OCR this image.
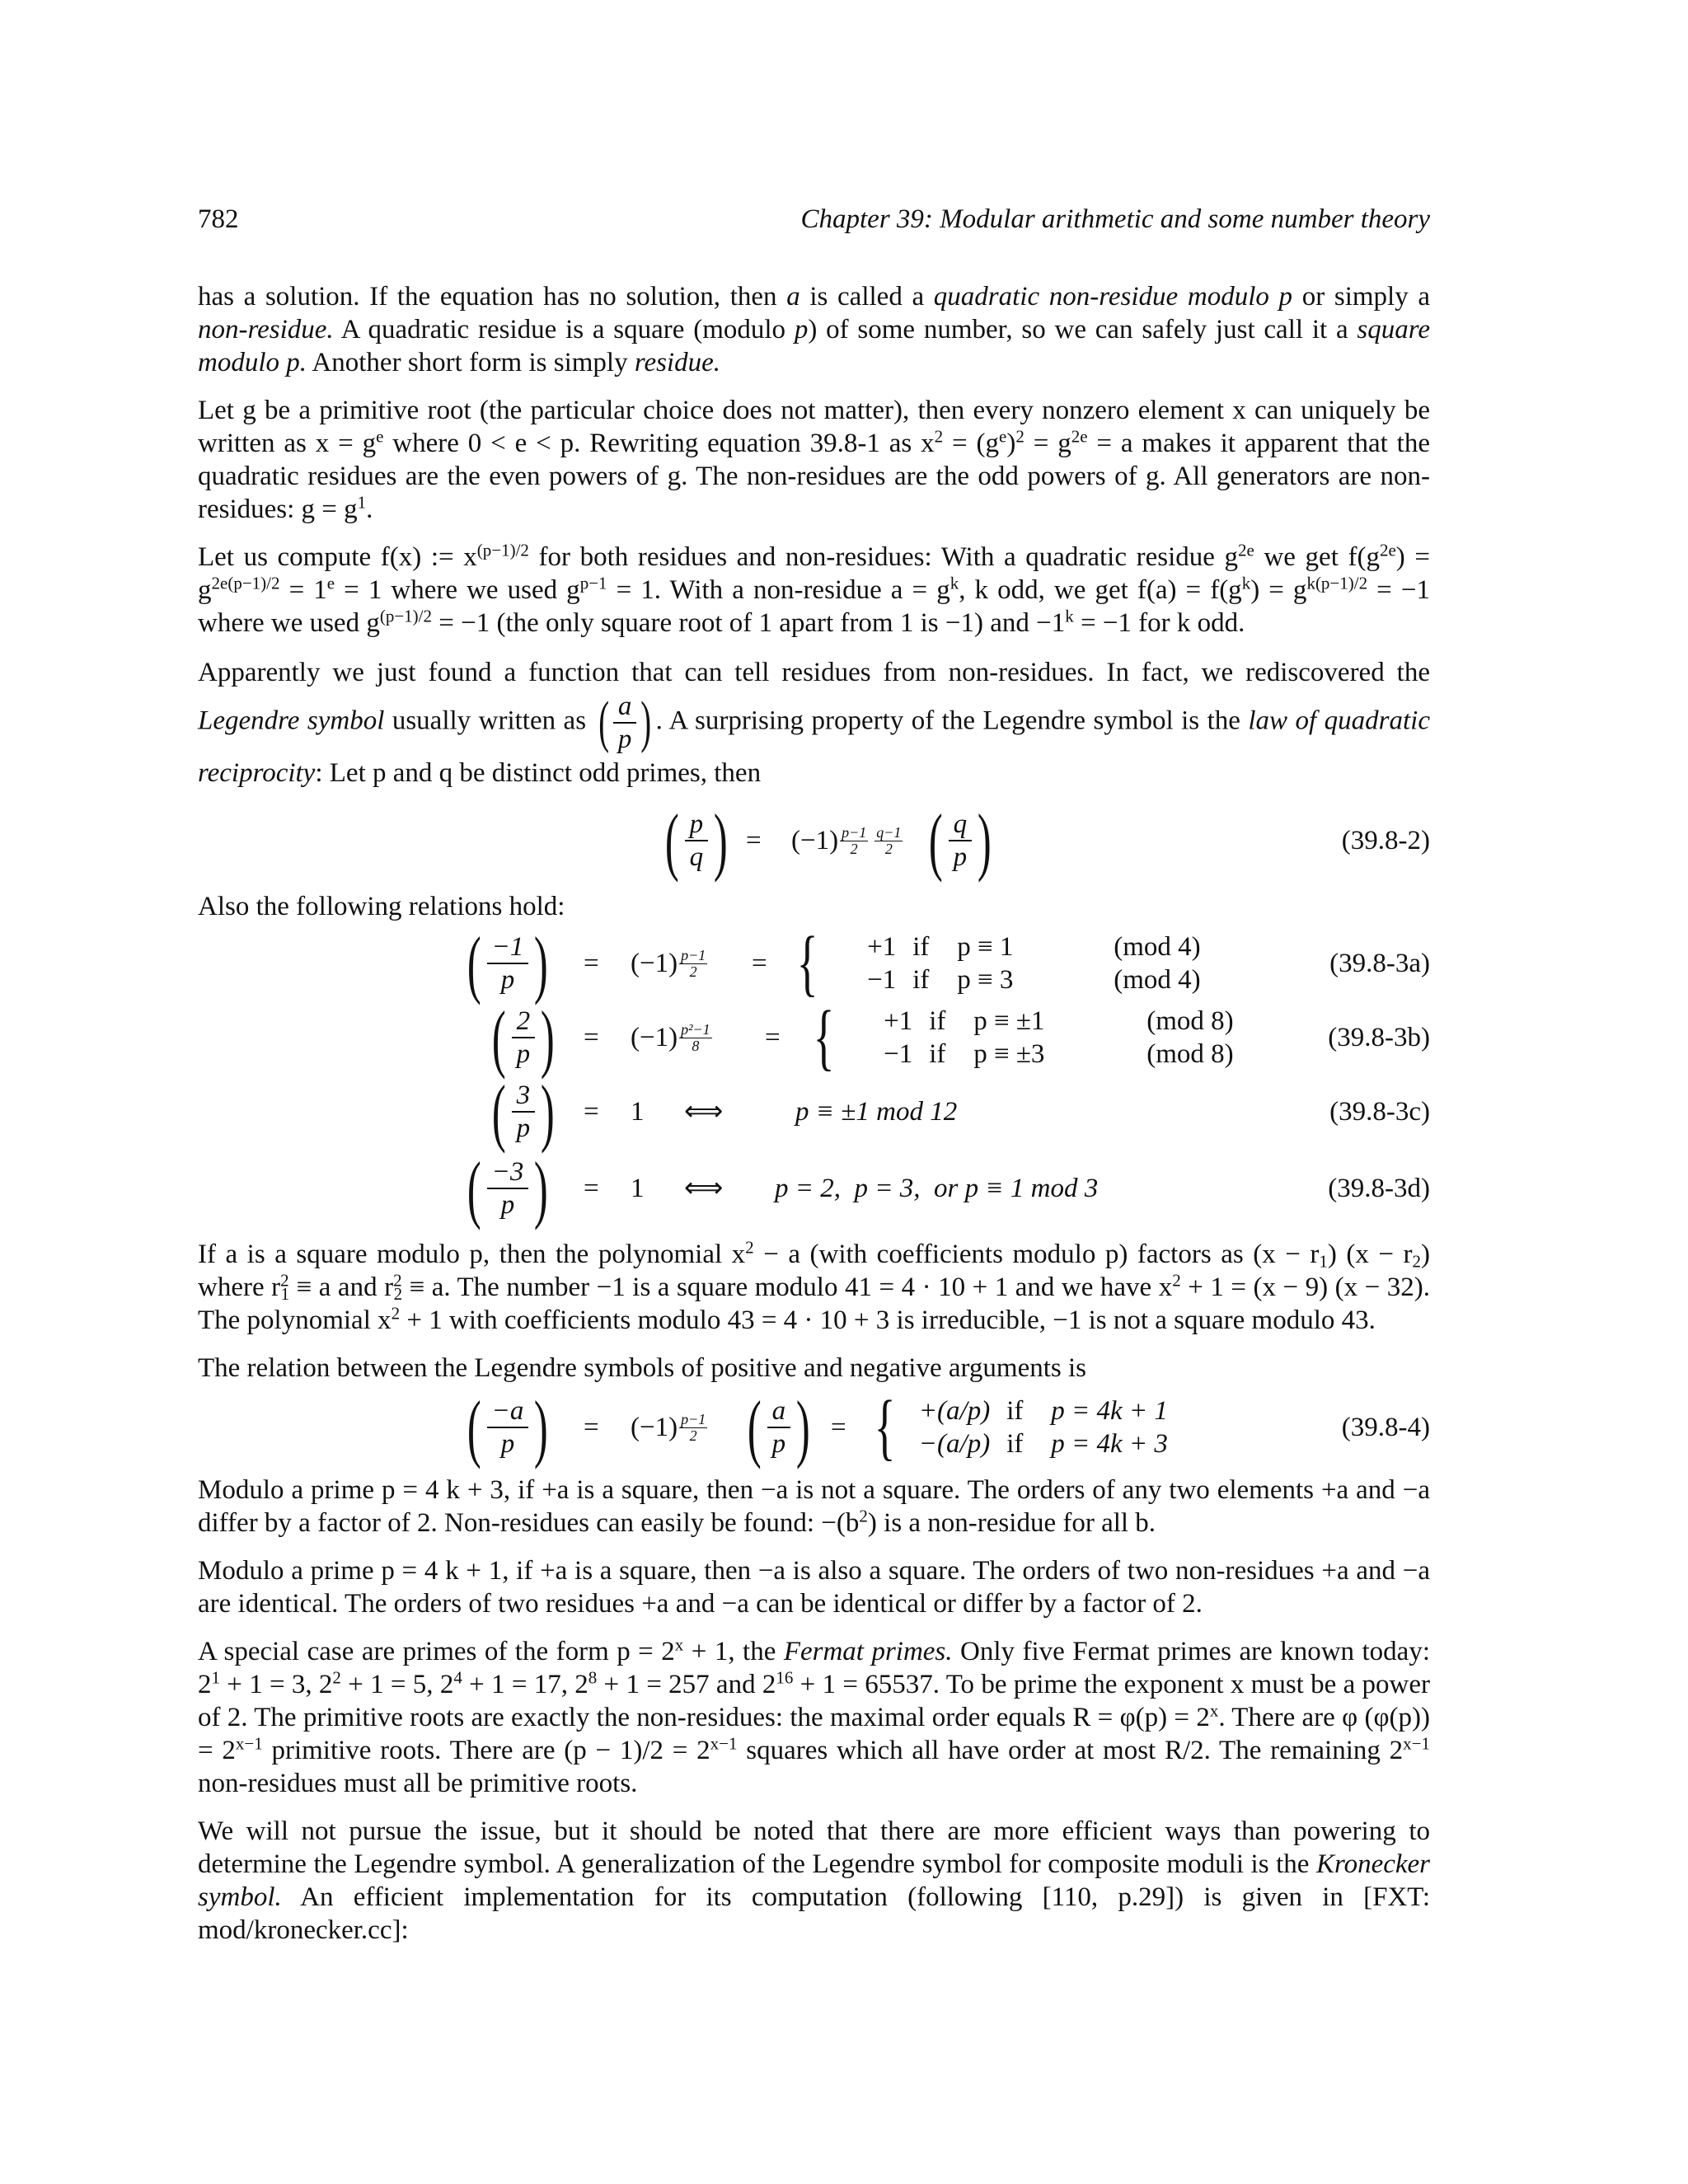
782	Chapter 39: Modular arithmetic and some number theory

has a solution. If the equation has no solution, then a is called a quadratic non-residue modulo p or simply a non-residue. A quadratic residue is a square (modulo p) of some number, so we can safely just call it a square modulo p. Another short form is simply residue.

Let g be a primitive root (the particular choice does not matter), then every nonzero element x can uniquely be written as $x = g^e$ where 0 < e < p. Rewriting equation 39.8-1 as $x^2 = (g^e)^2 = g^{2e} = a$ makes it apparent that the quadratic residues are the even powers of g. The non-residues are the odd powers of g. All generators are non-residues: $g = g^1$.

Let us compute f(x) := $x^{(p-1)/2}$ for both residues and non-residues: With a quadratic residue $g^{2e}$ we get $f(g^{2e}) = g^{2e(p-1)/2} = 1^e = 1$ where we used $g^{p-1} = 1$. With a non-residue $a = g^k$, k odd, we get $f(a) = f(g^k) = g^{k(p-1)/2} = -1$ where we used $g^{(p-1)/2} = -1$ (the only square root of 1 apart from 1 is −1) and $-1^k = -1$ for k odd.

Apparently we just found a function that can tell residues from non-residues. In fact, we rediscovered the Legendre symbol usually written as ( $\frac{a}{p}$ ) . A surprising property of the Legendre symbol is the law of quadratic reciprocity: Let p and q be distinct odd primes, then

( $\frac{p}{q}$ ) = $(-1) \frac{p-1}{2} \frac{q-1}{2}$ ( $\frac{q}{p}$ )	(39.8-2)

Also the following relations hold:

( $\frac{-1}{p}$ ) = $(-1) \frac{p-1}{2}$ = {	+1 if p ≡ 1	(mod 4)
−1 if p ≡ 3	(mod 4)
(39.8-3a)
( $\frac{2}{p}$ ) = $(-1) \frac{\text{p²−1}}{8}$ = {	+1 if p ≡ ±1	(mod 8)
−1 if p ≡ ±3	(mod 8)
(39.8-3b)
( $\frac{3}{p}$ ) = 1 ⟺	p ≡ ±1 mod 12	(39.8-3c)
( $\frac{-3}{p}$ ) = 1 ⟺ p = 2,  p = 3,  or p ≡ 1 mod 3	(39.8-3d)

If a is a square modulo p, then the polynomial $x^2 - a$ (with coefficients modulo p) factors as $(x - r_1)$ $(x - r_2)$ where $r^2_1 \equiv a$ and $r^2_2 \equiv a$. The number −1 is a square modulo 41 = 4 · 10 + 1 and we have $x^2 + 1 = (x - 9) (x - 32)$. The polynomial $x^2 + 1$ with coefficients modulo 43 = 4 · 10 + 3 is irreducible, −1 is not a square modulo 43.

The relation between the Legendre symbols of positive and negative arguments is

( $\frac{-a}{p}$ ) = $(-1) \frac{p-1}{2}$ ( $\frac{a}{p}$ ) = { +(a/p) if p = 4k + 1
−(a/p) if p = 4k + 3
(39.8-4)

Modulo a prime p = 4 k + 3, if +a is a square, then −a is not a square. The orders of any two elements +a and −a differ by a factor of 2. Non-residues can easily be found: $-(b^2)$ is a non-residue for all b.

Modulo a prime p = 4 k + 1, if +a is a square, then −a is also a square. The orders of two non-residues +a and −a are identical. The orders of two residues +a and −a can be identical or differ by a factor of 2.

A special case are primes of the form $p = 2^x + 1$, the Fermat primes. Only five Fermat primes are known today: $2^1 + 1 = 3$, $2^2 + 1 = 5$, $2^4 + 1 = 17$, $2^8 + 1 = 257$ and $2^{16} + 1 = 65537$. To be prime the exponent x must be a power of 2. The primitive roots are exactly the non-residues: the maximal order equals $R = \varphi(p) = 2^x$. There are φ $(\varphi(p)) = 2^{x-1}$ primitive roots. There are $(p - 1)/2 = 2^{x-1}$ squares which all have order at most R/2. The remaining $2^{x-1}$ non-residues must all be primitive roots.

We will not pursue the issue, but it should be noted that there are more efficient ways than powering to determine the Legendre symbol. A generalization of the Legendre symbol for composite moduli is the Kronecker symbol. An efficient implementation for its computation (following [110, p.29]) is given in [FXT: mod/kronecker.cc]:
